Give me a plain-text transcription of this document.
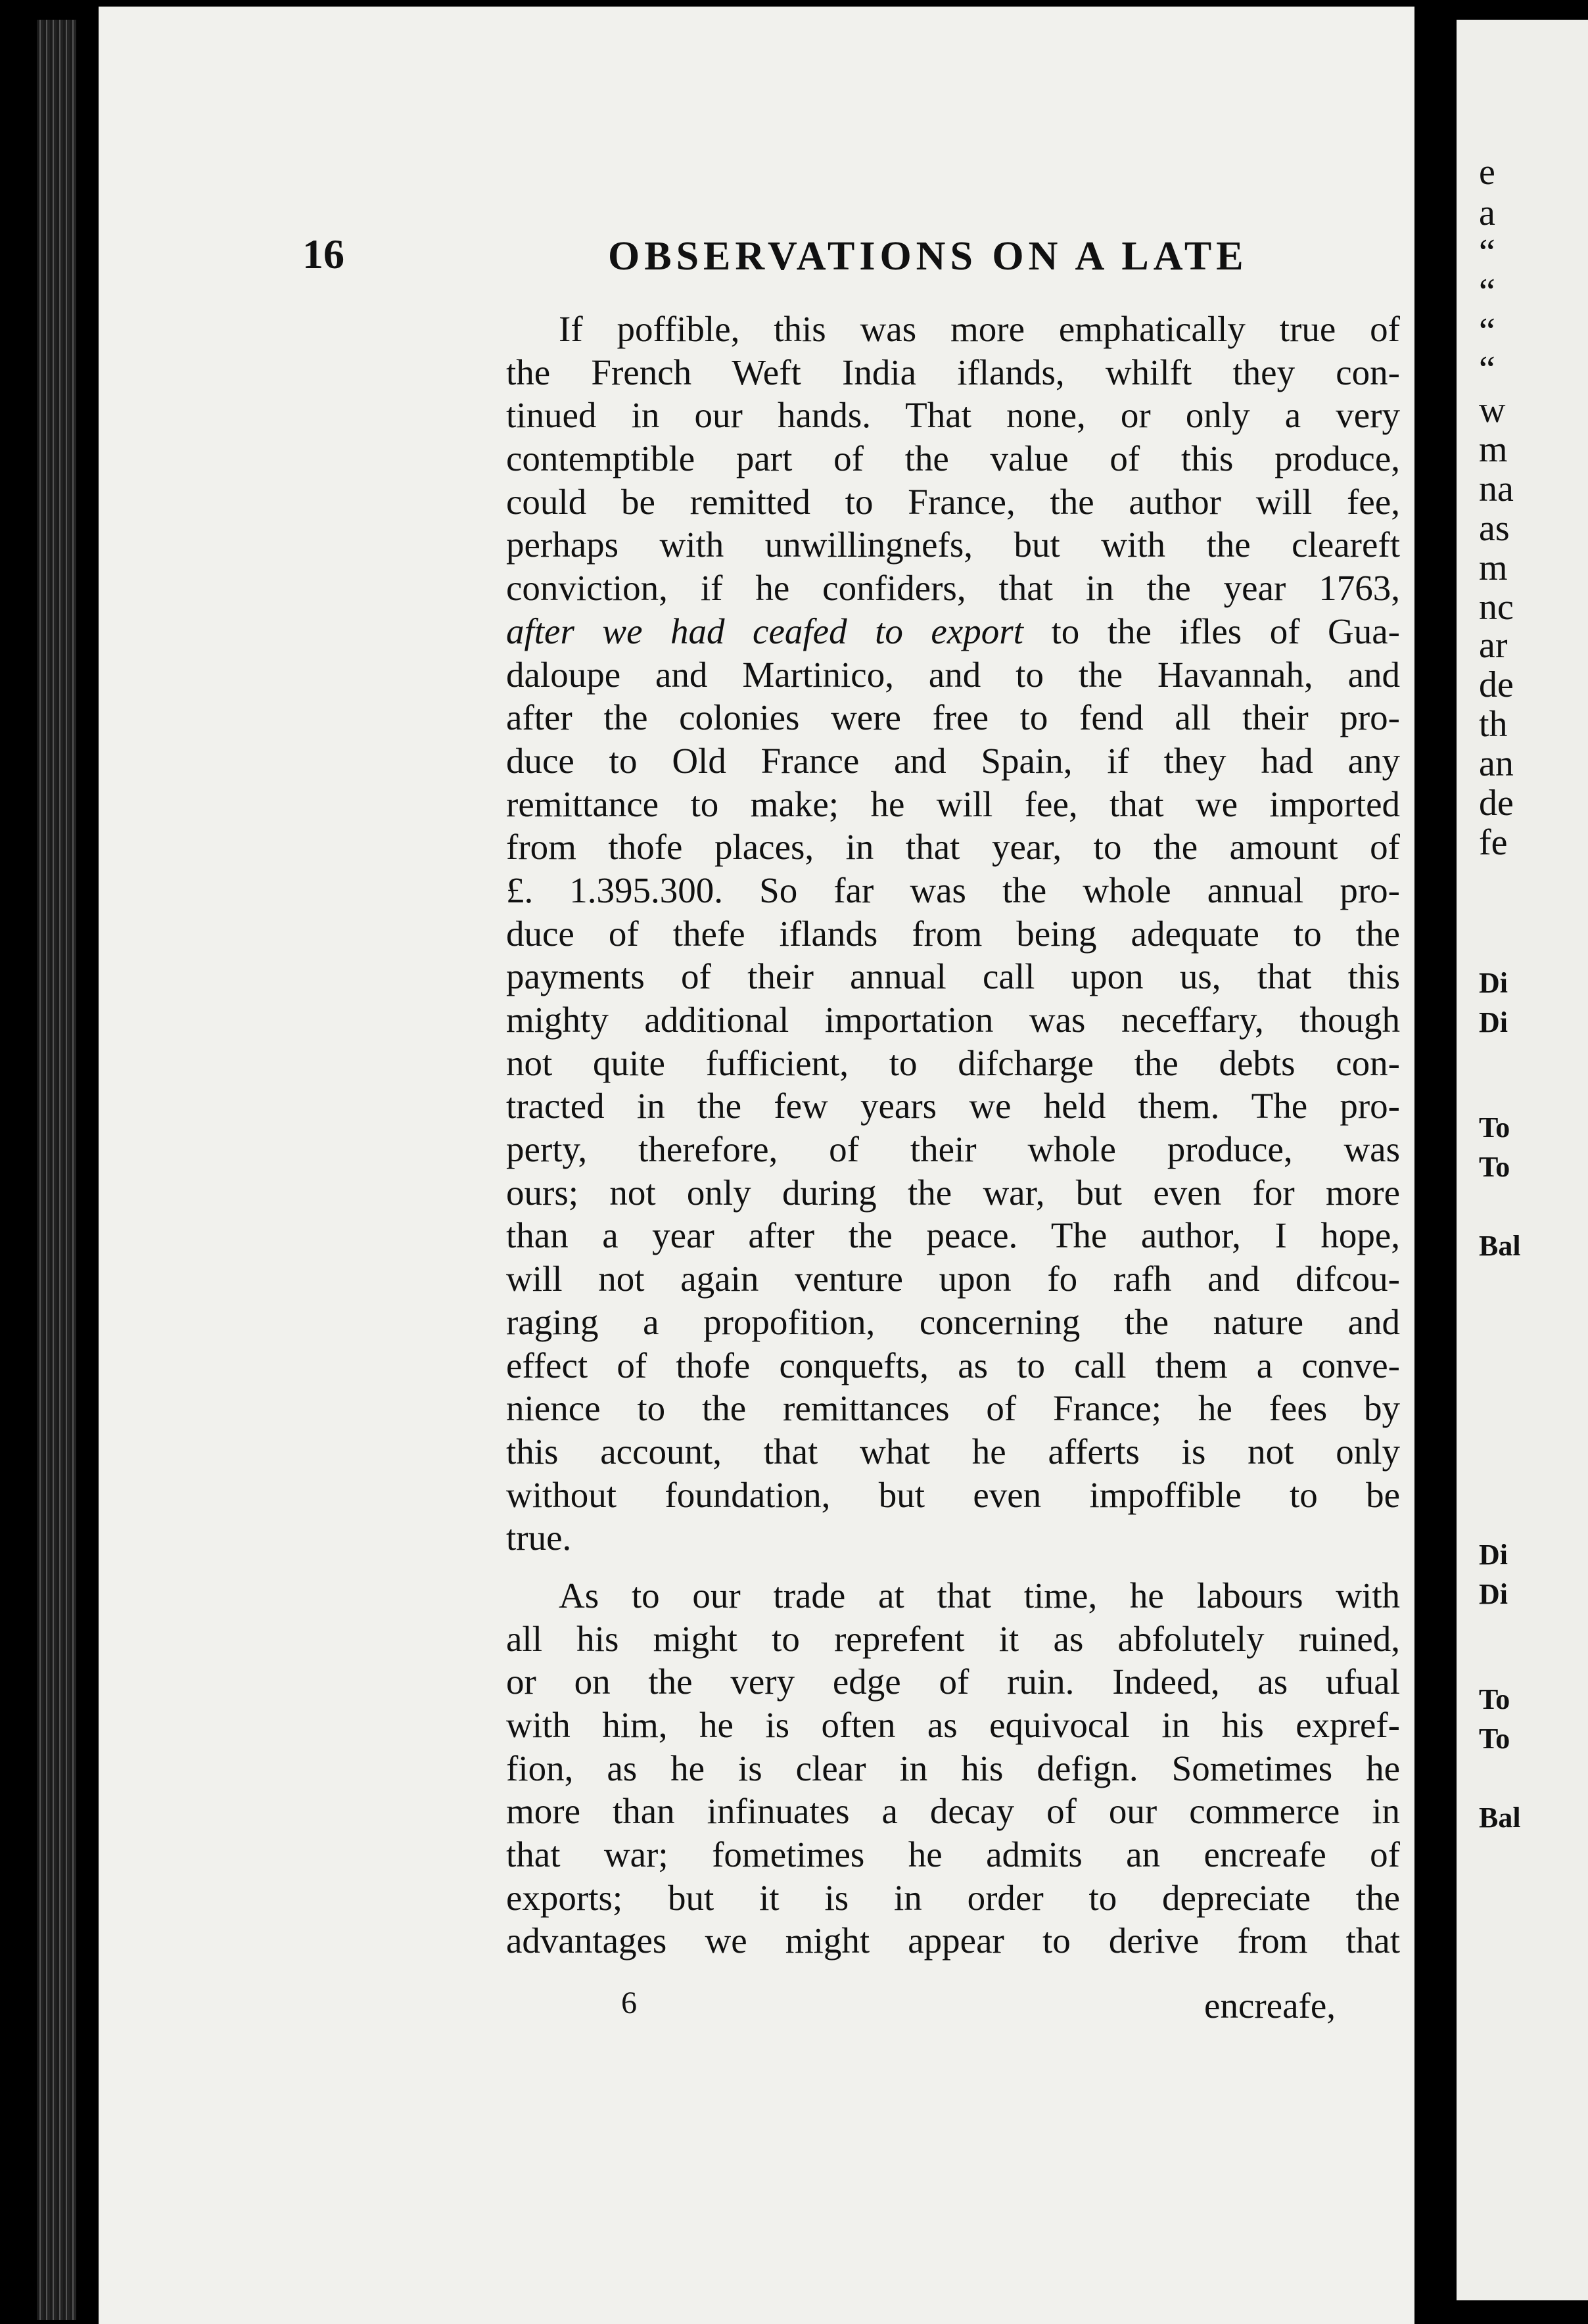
16	OBSERVATIONS ON A LATE
If poffible, this was more emphatically true of
the French Weft India iflands, whilft they con-
tinued in our hands. That none, or only a very
contemptible part of the value of this produce,
could be remitted to France, the author will fee,
perhaps with unwillingnefs, but with the cleareft
conviction, if he confiders, that in the year 1763,
after we had ceafed to export to the ifles of Gua-
daloupe and Martinico, and to the Havannah, and
after the colonies were free to fend all their pro-
duce to Old France and Spain, if they had any
remittance to make; he will fee, that we imported
from thofe places, in that year, to the amount of
£. 1.395.300. So far was the whole annual pro-
duce of thefe iflands from being adequate to the
payments of their annual call upon us, that this
mighty additional importation was neceffary, though
not quite fufficient, to difcharge the debts con-
tracted in the few years we held them. The pro-
perty, therefore, of their whole produce, was
ours; not only during the war, but even for more
than a year after the peace. The author, I hope,
will not again venture upon fo rafh and difcou-
raging a propofition, concerning the nature and
effect of thofe conquefts, as to call them a conve-
nience to the remittances of France; he fees by
this account, that what he afferts is not only
without foundation, but even impoffible to be
true.
As to our trade at that time, he labours with
all his might to reprefent it as abfolutely ruined,
or on the very edge of ruin. Indeed, as ufual
with him, he is often as equivocal in his expref-
fion, as he is clear in his defign. Sometimes he
more than infinuates a decay of our commerce in
that war; fometimes he admits an encreafe of
exports; but it is in order to depreciate the
advantages we might appear to derive from that
6	encreafe,
e
a
“
“
“
“
w
m
na
as
m
nc
ar
de
th
an
de
fe
Di
Di
To
To
Bal
Di
Di
To
To
Bal
